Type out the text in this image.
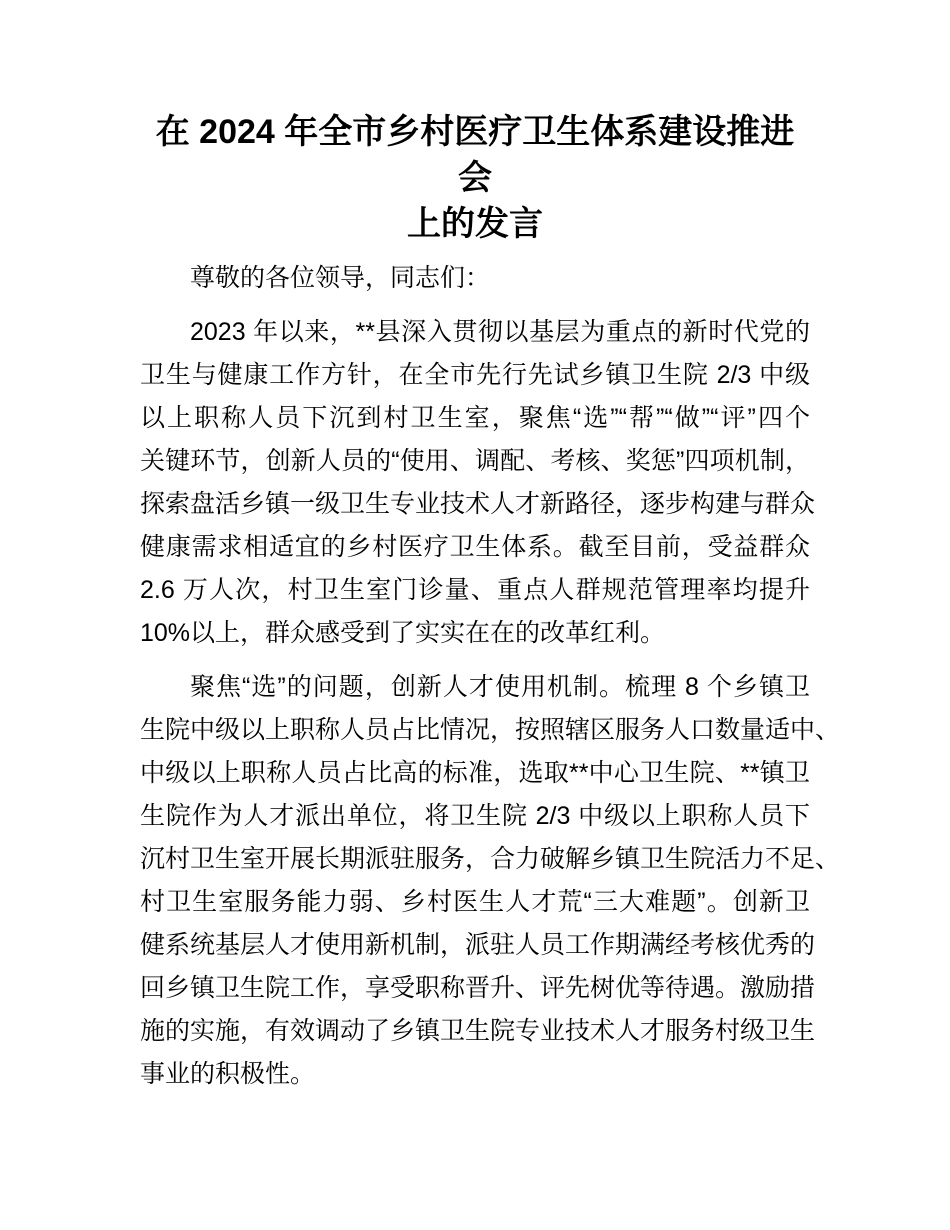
在 2024 年全市乡村医疗卫生体系建设推进会
上的发言

尊敬的各位领导，同志们：

2023 年以来，**县深入贯彻以基层为重点的新时代党的
卫生与健康工作方针，在全市先行先试乡镇卫生院 2/3 中级
以上职称人员下沉到村卫生室，聚焦“选”“帮”“做”“评”四个
关键环节，创新人员的“使用、调配、考核、奖惩”四项机制，
探索盘活乡镇一级卫生专业技术人才新路径，逐步构建与群众
健康需求相适宜的乡村医疗卫生体系。截至目前，受益群众
2.6 万人次，村卫生室门诊量、重点人群规范管理率均提升
10%以上，群众感受到了实实在在的改革红利。

聚焦“选”的问题，创新人才使用机制。梳理 8 个乡镇卫
生院中级以上职称人员占比情况，按照辖区服务人口数量适中、
中级以上职称人员占比高的标准，选取**中心卫生院、**镇卫
生院作为人才派出单位，将卫生院 2/3 中级以上职称人员下
沉村卫生室开展长期派驻服务，合力破解乡镇卫生院活力不足、
村卫生室服务能力弱、乡村医生人才荒“三大难题”。创新卫
健系统基层人才使用新机制，派驻人员工作期满经考核优秀的
回乡镇卫生院工作，享受职称晋升、评先树优等待遇。激励措
施的实施，有效调动了乡镇卫生院专业技术人才服务村级卫生
事业的积极性。
